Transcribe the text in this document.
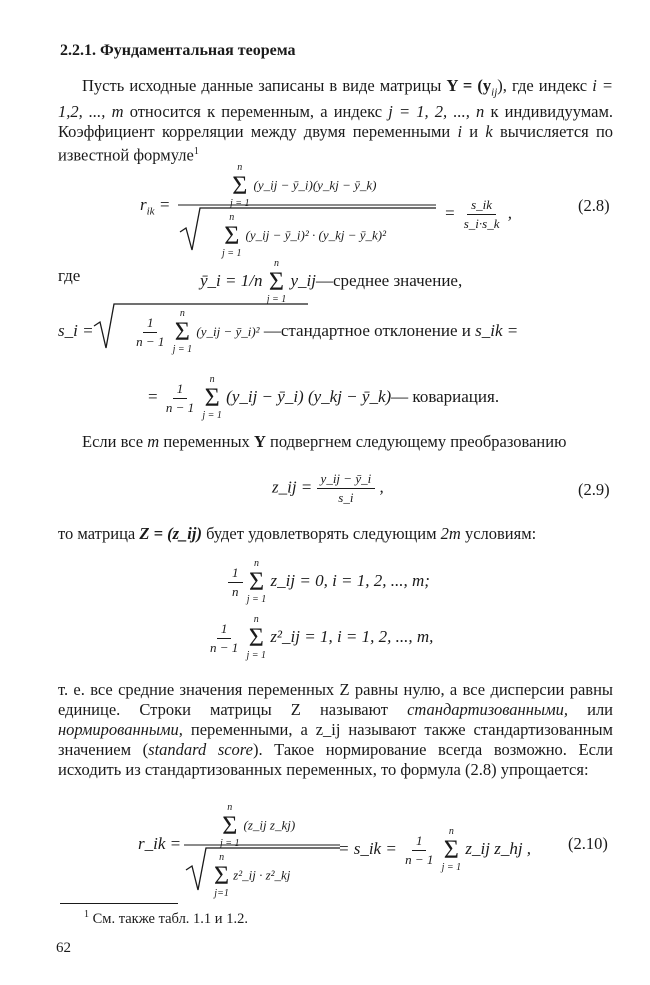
2.2.1. Фундаментальная теорема
Пусть исходные данные записаны в виде матрицы $Y = (y_{ij})$, где индекс i = 1,2, ..., m относится к переменным, а индекс j = 1, 2, ..., n к индивидуумам. Коэффициент корреляции между двумя переменными i и k вычисляется по известной формуле$^1$
$r_{ik}$ =
n
Σ
j = 1
(y_ij − ȳ_i)(y_kj − ȳ_k)
n
Σ
j = 1
(y_ij − ȳ_i)² · (y_kj − ȳ_k)²
= $\frac{s\_ik}{s\_i\cdot s\_k}$ ,	(2.8)
где	ȳ_i = 1/n
n
Σ
j = 1
y_ij—среднее значение,
s_i =	$\frac{1}{n - 1}$
n
Σ
j = 1
(y_ij − ȳ_i)² —стандартное отклонение и s_ik =
= $\frac{1}{n - 1}$
n
Σ
j = 1
(y_ij − ȳ_i) (y_kj − ȳ_k)— ковариация.
Если все m переменных Y подвергнем следующему преобразованию
z_ij = $\frac{y\_ij - ȳ\_i}{s\_i}$ ,	(2.9)
то матрица Z = (z_ij) будет удовлетворять следующим 2m условиям:
$\frac{1}{n}$
n
Σ
j = 1
z_ij = 0, i = 1, 2, ..., m;
$\frac{1}{n - 1}$
n
Σ
j = 1
z²_ij = 1, i = 1, 2, ..., m,
т. е. все средние значения переменных Z равны нулю, а все дисперсии равны единице. Строки матрицы Z называют стандартизованными, или нормированными, переменными, а z_ij называют также стандартизованным значением (standard score). Такое нормирование всегда возможно. Если исходить из стандартизованных переменных, то формула (2.8) упрощается:
r_ik =
n
Σ
j = 1
(z_ij z_kj)
n
Σ
j=1
z²_ij · z²_kj
= s_ik = $\frac{1}{n - 1}$
n
Σ
j = 1
z_ij z_hj , (2.10)
$^1$ См. также табл. 1.1 и 1.2.
62
